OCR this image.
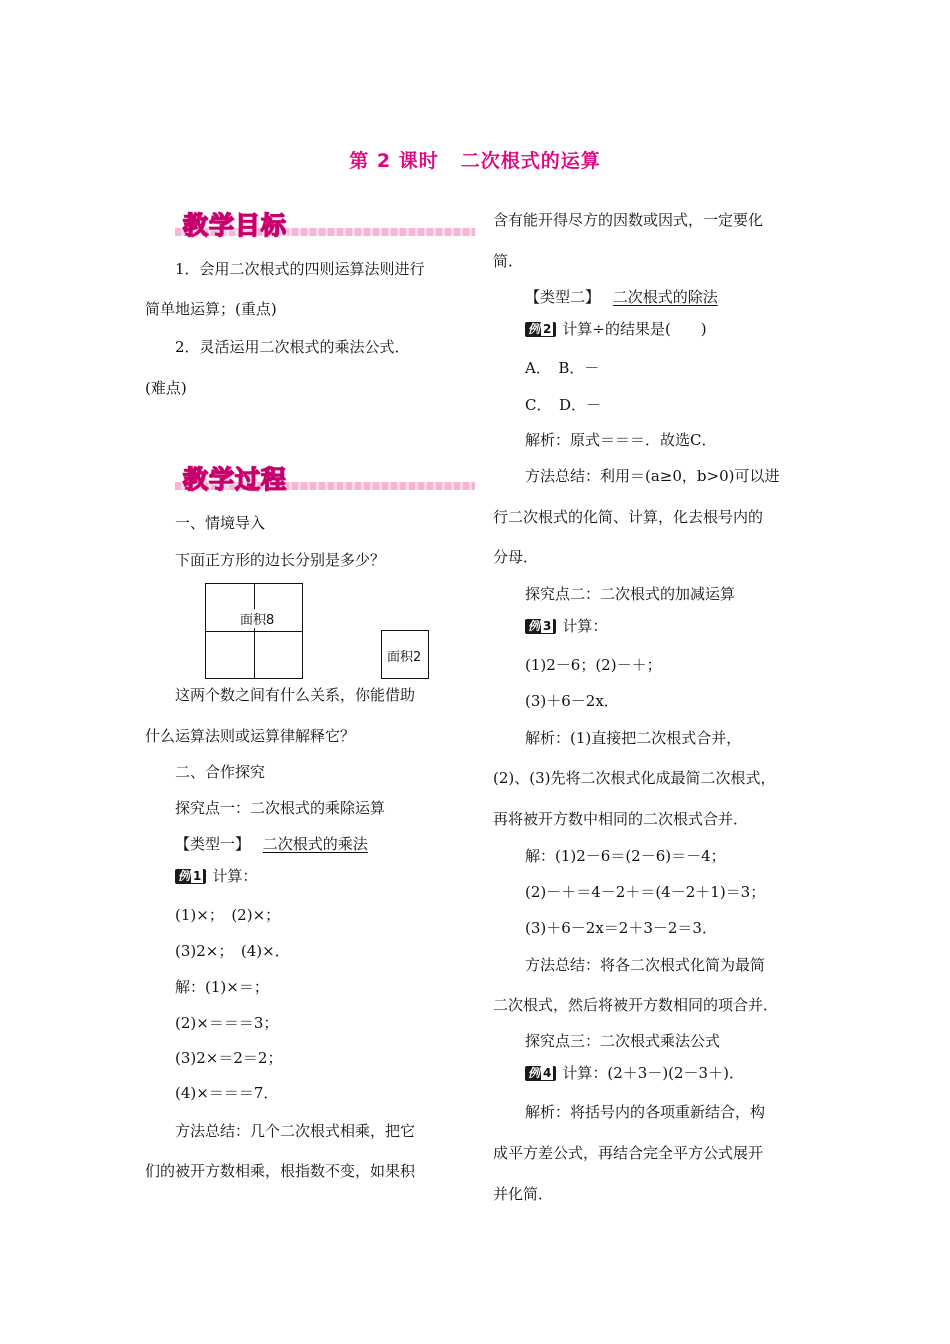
第 2 课时 二次根式的运算
教学目标
1．会用二次根式的四则运算法则进行
简单地运算；(重点)
2．灵活运用二次根式的乘法公式．
(难点)
教学过程
一、情境导入
下面正方形的边长分别是多少？
面积8
面积2
这两个数之间有什么关系，你能借助
什么运算法则或运算律解释它？
二、合作探究
探究点一：二次根式的乘除运算
【类型一】 二次根式的乘法
例 1 计算：
(1)×；　(2)×；
(3)2×；　(4)×．
解：(1)×＝；
(2)×＝＝＝3；
(3)2×＝2＝2；
(4)×＝＝＝7．
方法总结：几个二次根式相乘，把它
们的被开方数相乘，根指数不变，如果积
含有能开得尽方的因数或因式，一定要化
简．
【类型二】 二次根式的除法
例 2 计算÷的结果是(　　)
A．　B．－
C．　D．－
解析：原式＝＝＝．故选C．
方法总结：利用＝(a≥0，b>0)可以进
行二次根式的化简、计算，化去根号内的
分母．
探究点二：二次根式的加减运算
例 3 计算：
(1)2－6；(2)－＋；
(3)＋6－2x．
解析：(1)直接把二次根式合并，
(2)、(3)先将二次根式化成最简二次根式，
再将被开方数中相同的二次根式合并．
解：(1)2－6＝(2－6)＝－4；
(2)－＋＝4－2＋＝(4－2＋1)＝3；
(3)＋6－2x＝2＋3－2＝3．
方法总结：将各二次根式化简为最简
二次根式，然后将被开方数相同的项合并．
探究点三：二次根式乘法公式
例 4 计算：(2＋3－)(2－3＋)．
解析：将括号内的各项重新结合，构
成平方差公式，再结合完全平方公式展开
并化简．
